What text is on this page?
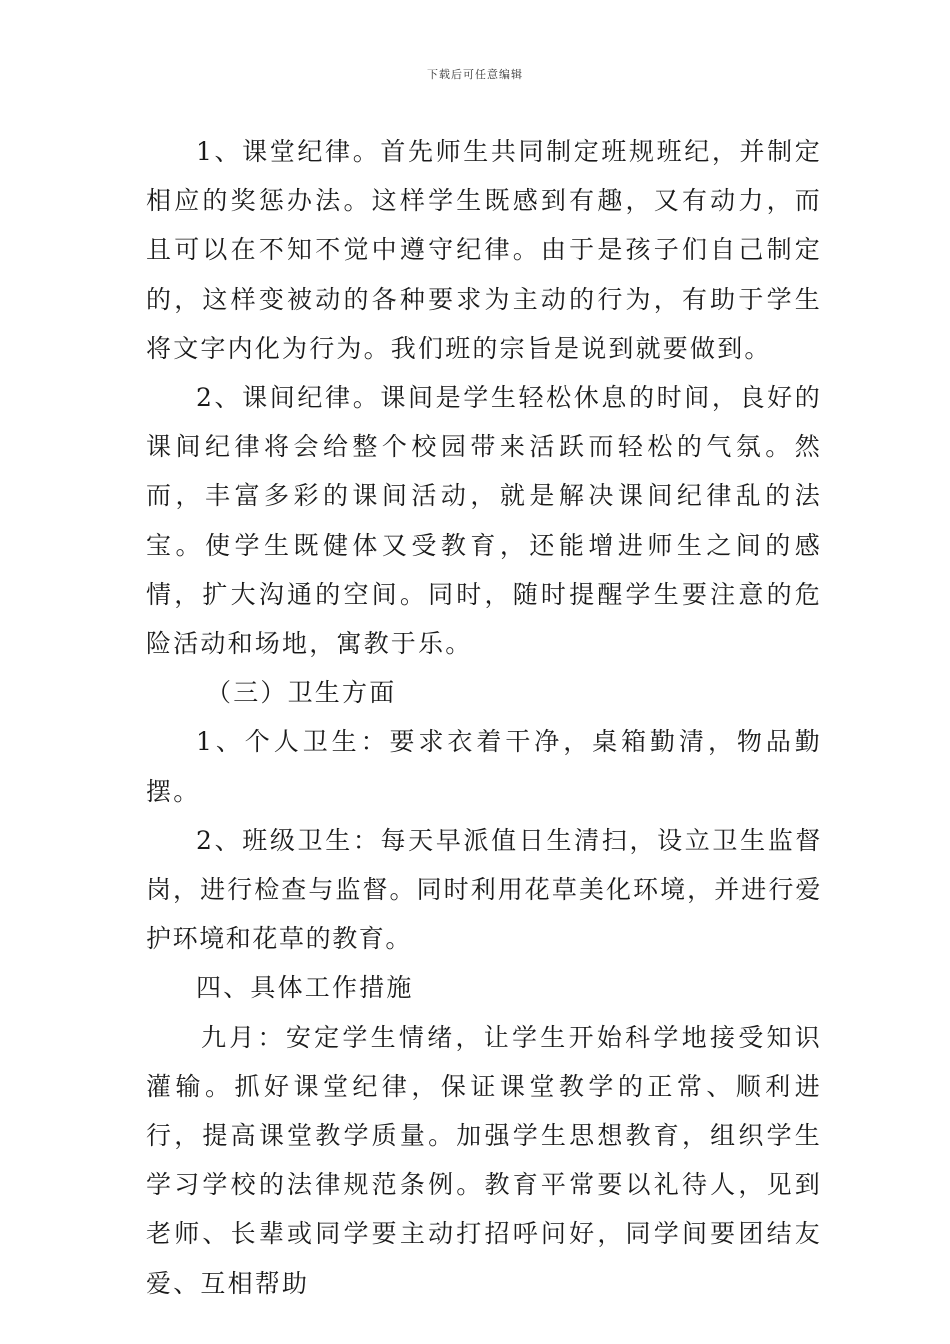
下载后可任意编辑

1、课堂纪律。首先师生共同制定班规班纪，并制定相应的奖惩办法。这样学生既感到有趣，又有动力，而且可以在不知不觉中遵守纪律。由于是孩子们自己制定的，这样变被动的各种要求为主动的行为，有助于学生将文字内化为行为。我们班的宗旨是说到就要做到。

2、课间纪律。课间是学生轻松休息的时间，良好的课间纪律将会给整个校园带来活跃而轻松的气氛。然而，丰富多彩的课间活动，就是解决课间纪律乱的法宝。使学生既健体又受教育，还能增进师生之间的感情，扩大沟通的空间。同时，随时提醒学生要注意的危险活动和场地，寓教于乐。

（三）卫生方面

1、个人卫生：要求衣着干净，桌箱勤清，物品勤摆。

2、班级卫生：每天早派值日生清扫，设立卫生监督岗，进行检查与监督。同时利用花草美化环境，并进行爱护环境和花草的教育。

四、具体工作措施

九月：安定学生情绪，让学生开始科学地接受知识灌输。抓好课堂纪律，保证课堂教学的正常、顺利进行，提高课堂教学质量。加强学生思想教育，组织学生学习学校的法律规范条例。教育平常要以礼待人，见到老师、长辈或同学要主动打招呼问好，同学间要团结友爱、互相帮助
